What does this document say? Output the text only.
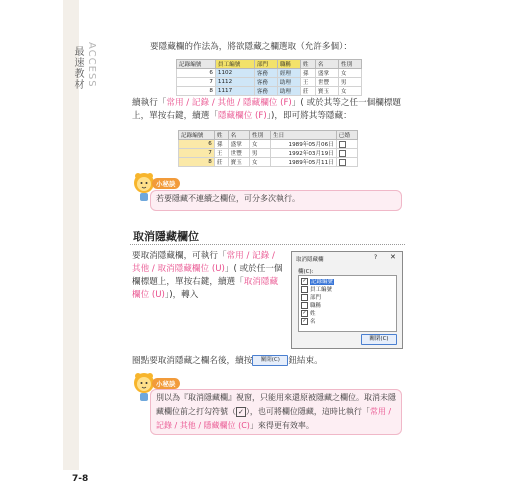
ACCESS
最速教材
7-8
要隱藏欄的作法為，將欲隱藏之欄選取（允許多個）：
記錄編號	員工編號	部門	職稱	姓	名	性別
6	1102	客務	經理	孫	盛掌	女
7	1112	客務	助理	王	世豐	男
8	1117	客務	助理	莊	寶玉	女
續執行「常用 / 記錄 / 其他 / 隱藏欄位 (F)」( 或於其等之任一個欄標題上，單按右鍵，續選「隱藏欄位 (F)」)，即可將其等隱藏：
記錄編號	姓	名	性別	生日	已婚
6	孫	盛掌	女	1989年05月06日	
7	王	世豐	男	1992年03月19日	
8	莊	寶玉	女	1989年05月11日	
小秘訣
若要隱藏不連續之欄位，可分多次執行。
取消隱藏欄位
要取消隱藏欄，可執行「常用 / 記錄 / 其他 / 取消隱藏欄位 (U)」( 或於任一個欄標題上，單按右鍵，續選「取消隱藏欄位 (U)」)，轉入
取消隱藏欄	? ✕
欄(C):
✓ 記錄編號
員工編號
部門
職稱
✓ 姓
✓ 名
關閉(C)
圈點要取消隱藏之欄名後，續按 關閉(C) 鈕結束。
小秘訣
別以為『取消隱藏欄』視窗，只能用來還原被隱藏之欄位。取消未隱藏欄位前之打勾符號（ ✓ ），也可將欄位隱藏，這時比執行「常用 / 記錄 / 其他 / 隱藏欄位 (C)」來得更有效率。
